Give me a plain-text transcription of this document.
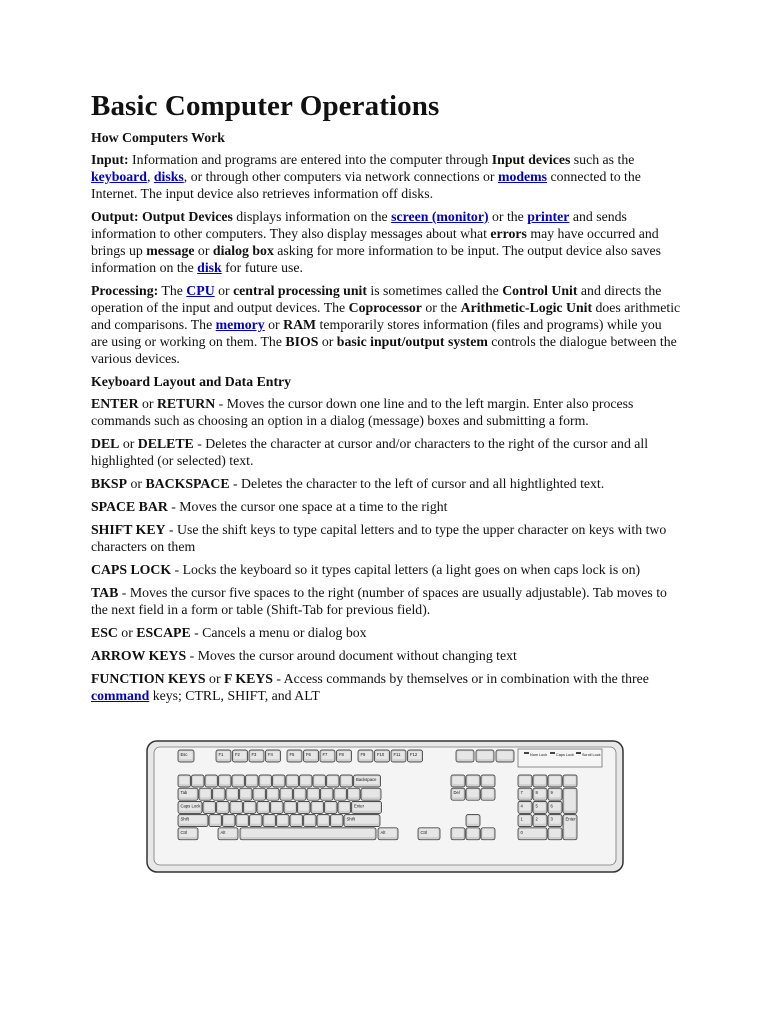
Basic Computer Operations
How Computers Work

Input: Information and programs are entered into the computer through Input devices such as the keyboard, disks, or through other computers via network connections or modems connected to the Internet. The input device also retrieves information off disks.

Output: Output Devices displays information on the screen (monitor) or the printer and sends information to other computers. They also display messages about what errors may have occurred and brings up message or dialog box asking for more information to be input. The output device also saves information on the disk for future use.

Processing: The CPU or central processing unit is sometimes called the Control Unit and directs the operation of the input and output devices. The Coprocessor or the Arithmetic-Logic Unit does arithmetic and comparisons. The memory or RAM temporarily stores information (files and programs) while you are using or working on them. The BIOS or basic input/output system controls the dialogue between the various devices.

Keyboard Layout and Data Entry

ENTER or RETURN - Moves the cursor down one line and to the left margin. Enter also process commands such as choosing an option in a dialog (message) boxes and submitting a form.

DEL or DELETE - Deletes the character at cursor and/or characters to the right of the cursor and all highlighted (or selected) text.

BKSP or BACKSPACE - Deletes the character to the left of cursor and all hightlighted text.

SPACE BAR - Moves the cursor one space at a time to the right

SHIFT KEY - Use the shift keys to type capital letters and to type the upper character on keys with two characters on them

CAPS LOCK - Locks the keyboard so it types capital letters (a light goes on when caps lock is on)

TAB - Moves the cursor five spaces to the right (number of spaces are usually adjustable). Tab moves to the next field in a form or table (Shift-Tab for previous field).

ESC or ESCAPE - Cancels a menu or dialog box

ARROW KEYS - Moves the cursor around document without changing text

FUNCTION KEYS or F KEYS - Access commands by themselves or in combination with the three command keys; CTRL, SHIFT, and ALT

Esc	F1	F2	F3	F4	F5	F6	F7	F8	F9	F10 F11 F12	Num Lock Caps Lock Scroll Lock
Backspace
Tab
Caps Lock	Enter
Shift	Shift
Ctrl	Alt	Alt	Ctrl
Del	7	8	9
4	5	6
1	2	3	Enter
0
